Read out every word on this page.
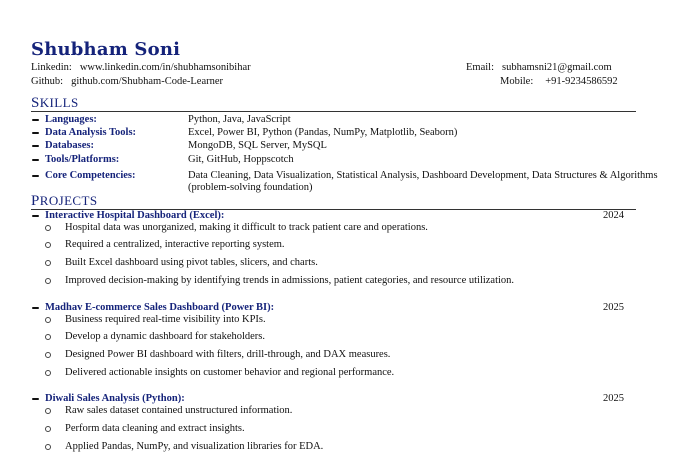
Shubham Soni
Linkedin: www.linkedin.com/in/shubhamsonibihar
Github: github.com/Shubham-Code-Learner
Email: subhamsni21@gmail.com
Mobile: +91-9234586592
SKILLS
Languages:	Python, Java, JavaScript
Data Analysis Tools:	Excel, Power BI, Python (Pandas, NumPy, Matplotlib, Seaborn)
Databases:	MongoDB, SQL Server, MySQL
Tools/Platforms:	Git, GitHub, Hoppscotch
Core Competencies:	Data Cleaning, Data Visualization, Statistical Analysis, Dashboard Development, Data Structures & Algorithms (problem-solving foundation)
PROJECTS
Interactive Hospital Dashboard (Excel):	2024
Hospital data was unorganized, making it difficult to track patient care and operations.
Required a centralized, interactive reporting system.
Built Excel dashboard using pivot tables, slicers, and charts.
Improved decision-making by identifying trends in admissions, patient categories, and resource utilization.
Madhav E-commerce Sales Dashboard (Power BI):	2025
Business required real-time visibility into KPIs.
Develop a dynamic dashboard for stakeholders.
Designed Power BI dashboard with filters, drill-through, and DAX measures.
Delivered actionable insights on customer behavior and regional performance.
Diwali Sales Analysis (Python):	2025
Raw sales dataset contained unstructured information.
Perform data cleaning and extract insights.
Applied Pandas, NumPy, and visualization libraries for EDA.
